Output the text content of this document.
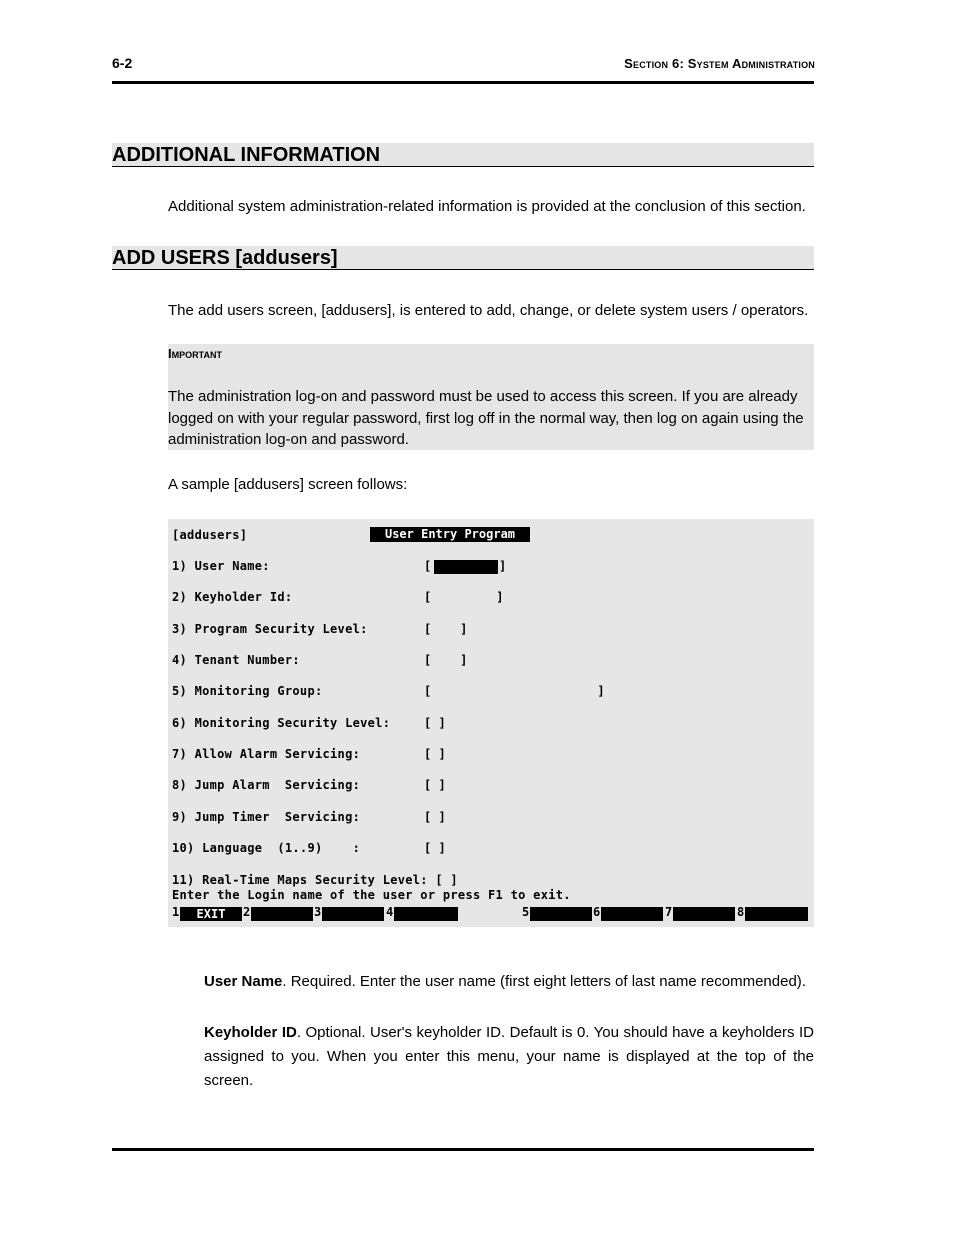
6-2	Section 6: System Administration
ADDITIONAL INFORMATION
Additional system administration-related information is provided at the conclusion of this section.
ADD USERS [addusers]
The add users screen, [addusers], is entered to add, change, or delete system users / operators.
Important
The administration log-on and password must be used to access this screen. If you are already logged on with your regular password, first log off in the normal way, then log on again using the administration log-on and password.
A sample [addusers] screen follows:
[addusers]	User Entry Program
1) User Name:	[	]
2) Keyholder Id:	[         ]
3) Program Security Level:	[    ]
4) Tenant Number:	[    ]
5) Monitoring Group:	[                       ]
6) Monitoring Security Level:	[ ]
7) Allow Alarm Servicing:	[ ]
8) Jump Alarm  Servicing:	[ ]
9) Jump Timer  Servicing:	[ ]
10) Language  (1..9)    :	[ ]
11) Real-Time Maps Security Level: [ ]
Enter the Login name of the user or press F1 to exit.
1	EXIT	2	3	4	5	6	7	8
User Name. Required. Enter the user name (first eight letters of last name recommended).
Keyholder ID. Optional. User's keyholder ID. Default is 0. You should have a keyholders ID assigned to you. When you enter this menu, your name is displayed at the top of the screen.
